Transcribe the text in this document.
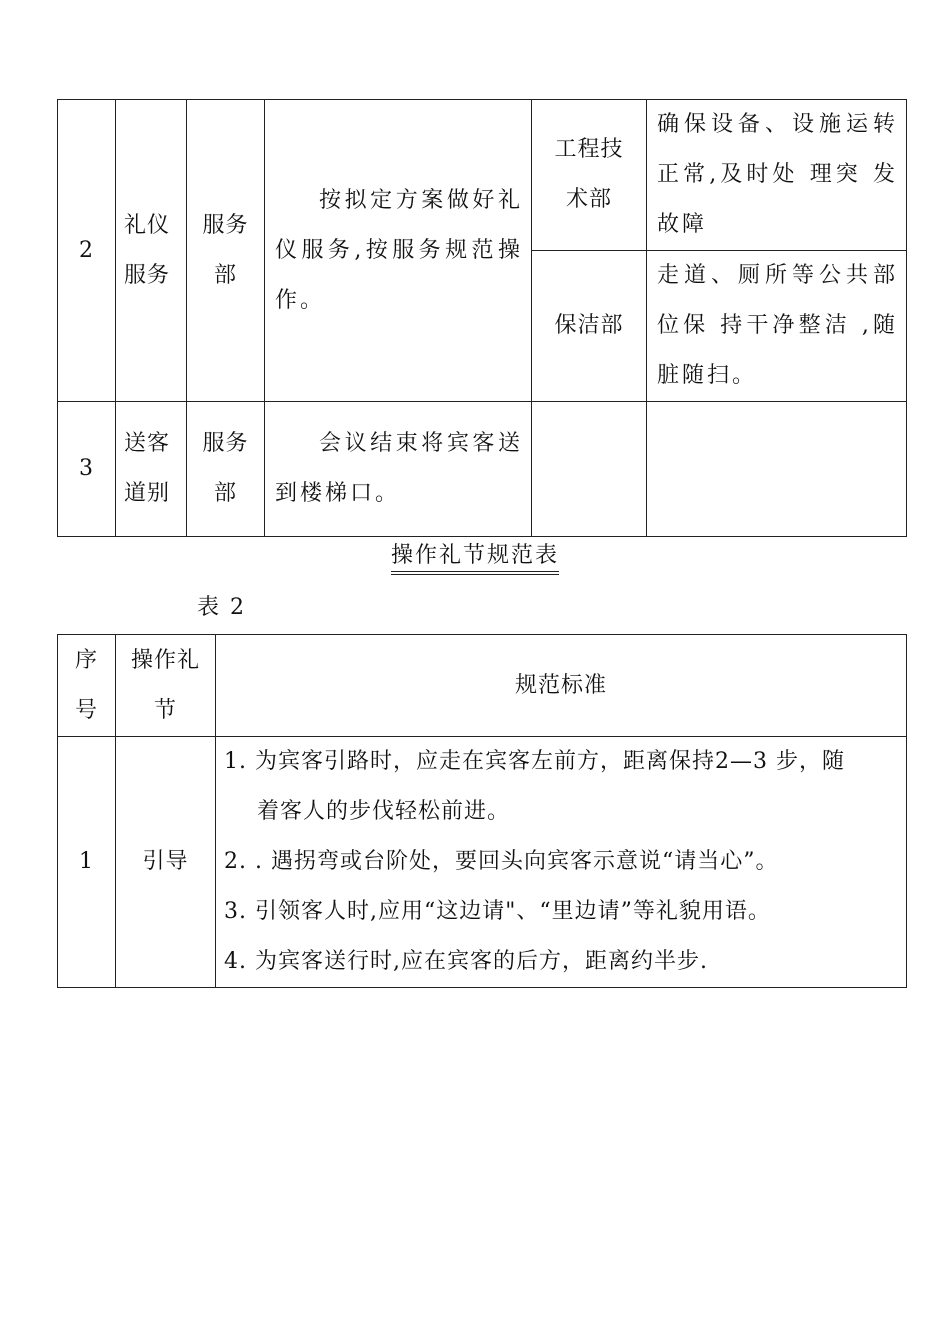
2	礼仪服务	服务部	按拟定方案做好礼仪服务,按服务规范操作。	工程技术部	确保设备、设施运转正常,及时处 理突 发故障
				保洁部	走道、厕所等公共部位保 持干净整洁 ,随脏随扫。
3	送客道别	服务部	会议结束将宾客送到楼梯口。		
操作礼节规范表
表 2
序号	操作礼节	规范标准
1	引导	1. 为宾客引路时，应走在宾客左前方，距离保持2—3 步，随
着客人的步伐轻松前进。
2. . 遇拐弯或台阶处，要回头向宾客示意说“请当心”。
3. 引领客人时,应用“这边请"、“里边请”等礼貌用语。
4. 为宾客送行时,应在宾客的后方，距离约半步.
